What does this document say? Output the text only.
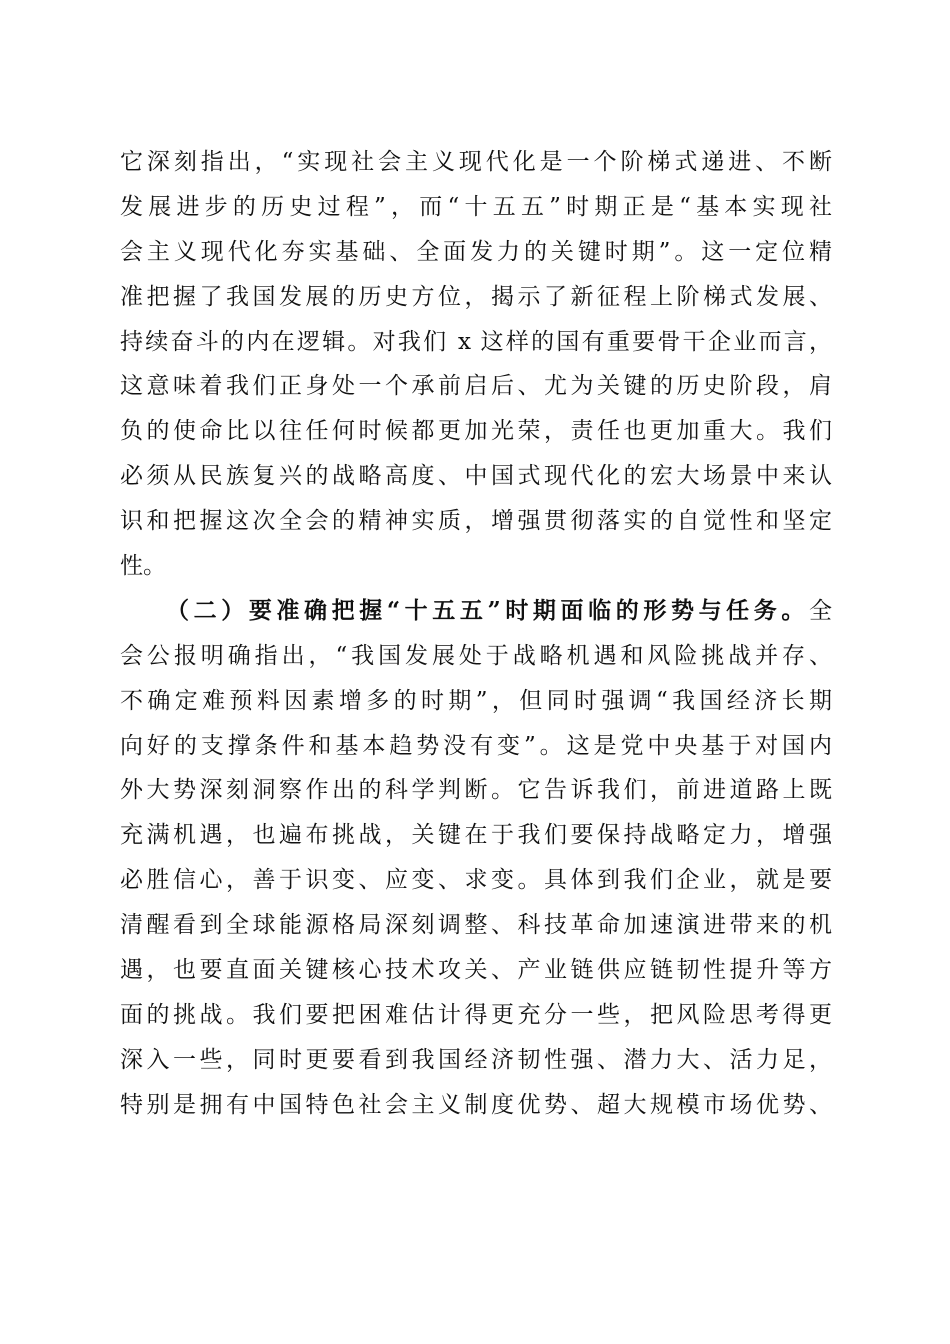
它深刻指出，“实现社会主义现代化是一个阶梯式递进、不断
发展进步的历史过程”，而“十五五”时期正是“基本实现社
会主义现代化夯实基础、全面发力的关键时期”。这一定位精
准把握了我国发展的历史方位，揭示了新征程上阶梯式发展、
持续奋斗的内在逻辑。对我们 x 这样的国有重要骨干企业而言，
这意味着我们正身处一个承前启后、尤为关键的历史阶段，肩
负的使命比以往任何时候都更加光荣，责任也更加重大。我们
必须从民族复兴的战略高度、中国式现代化的宏大场景中来认
识和把握这次全会的精神实质，增强贯彻落实的自觉性和坚定
性。
（二）要准确把握“十五五”时期面临的形势与任务。全
会公报明确指出，“我国发展处于战略机遇和风险挑战并存、
不确定难预料因素增多的时期”，但同时强调“我国经济长期
向好的支撑条件和基本趋势没有变”。这是党中央基于对国内
外大势深刻洞察作出的科学判断。它告诉我们，前进道路上既
充满机遇，也遍布挑战，关键在于我们要保持战略定力，增强
必胜信心，善于识变、应变、求变。具体到我们企业，就是要
清醒看到全球能源格局深刻调整、科技革命加速演进带来的机
遇，也要直面关键核心技术攻关、产业链供应链韧性提升等方
面的挑战。我们要把困难估计得更充分一些，把风险思考得更
深入一些，同时更要看到我国经济韧性强、潜力大、活力足，
特别是拥有中国特色社会主义制度优势、超大规模市场优势、
